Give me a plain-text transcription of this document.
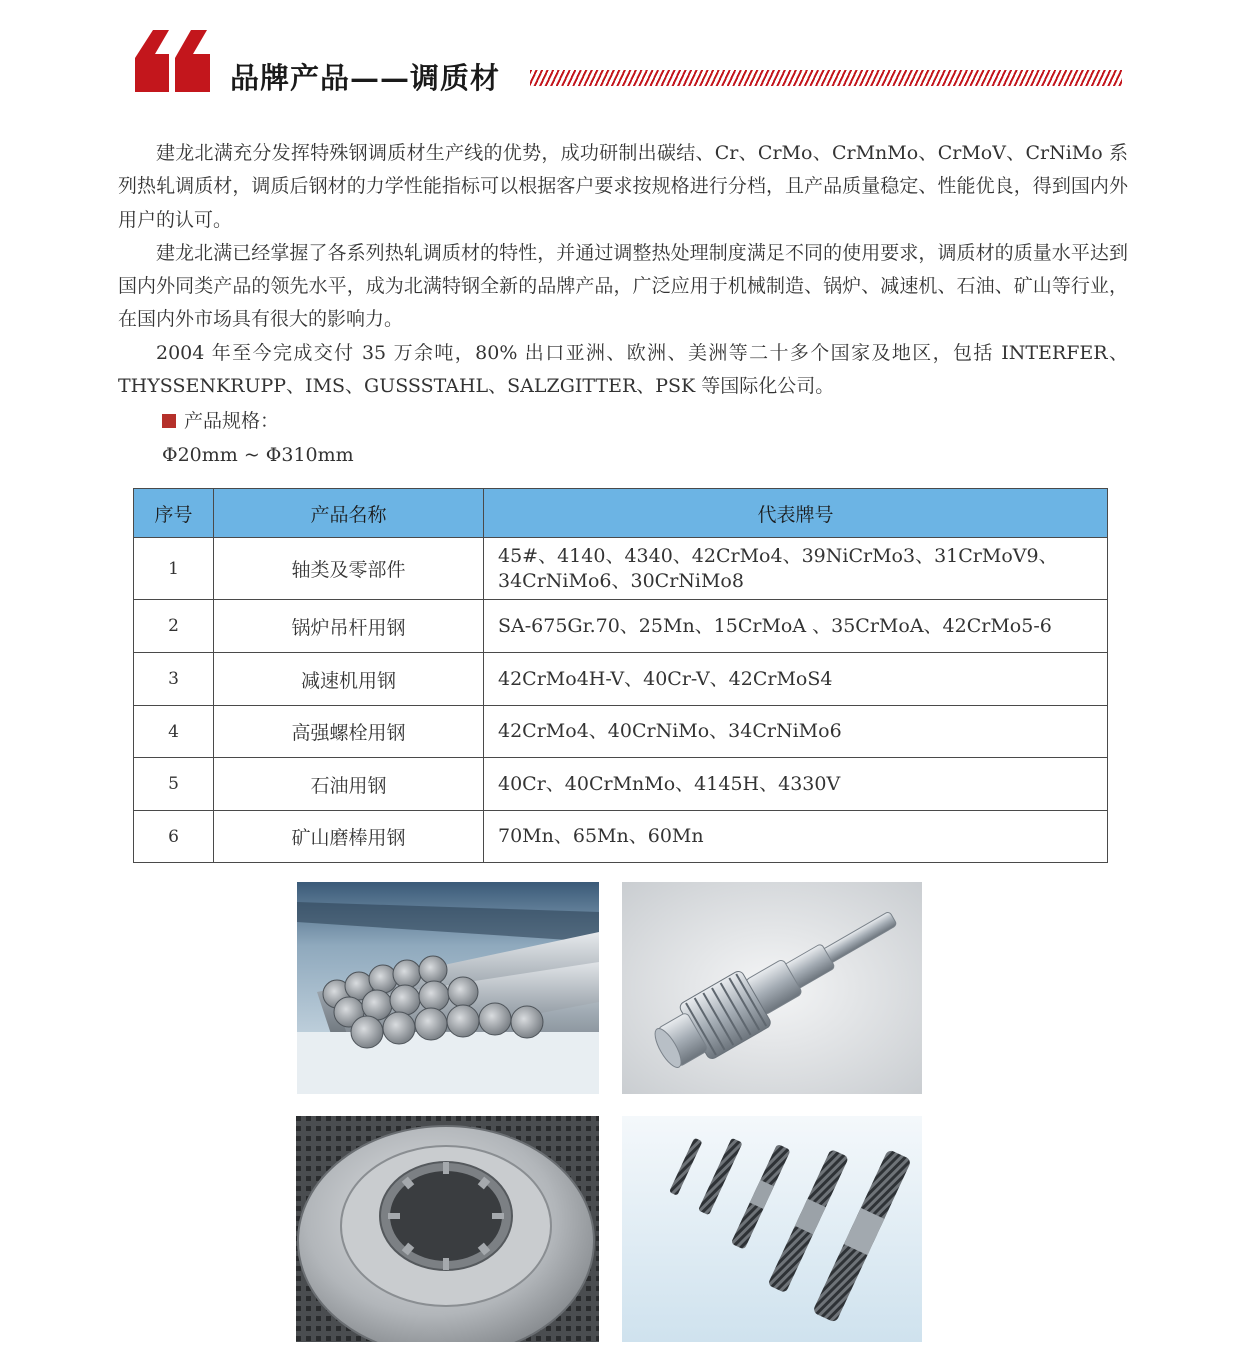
品牌产品——调质材

建龙北满充分发挥特殊钢调质材生产线的优势，成功研制出碳结、Cr、CrMo、CrMnMo、CrMoV、CrNiMo 系列热轧调质材，调质后钢材的力学性能指标可以根据客户要求按规格进行分档，且产品质量稳定、性能优良，得到国内外用户的认可。

建龙北满已经掌握了各系列热轧调质材的特性，并通过调整热处理制度满足不同的使用要求，调质材的质量水平达到国内外同类产品的领先水平，成为北满特钢全新的品牌产品，广泛应用于机械制造、锅炉、减速机、石油、矿山等行业，在国内外市场具有很大的影响力。

2004 年至今完成交付 35 万余吨，80% 出口亚洲、欧洲、美洲等二十多个国家及地区，包括 INTERFER、THYSSENKRUPP、IMS、GUSSSTAHL、SALZGITTER、PSK 等国际化公司。

产品规格：
Φ20mm ~ Φ310mm
序号	产品名称	代表牌号
1	轴类及零部件	45#、4140、4340、42CrMo4、39NiCrMo3、31CrMoV9、
34CrNiMo6、30CrNiMo8

2	锅炉吊杆用钢	SA-675Gr.70、25Mn、15CrMoA 、35CrMoA、42CrMo5-6
3	减速机用钢	42CrMo4H-V、40Cr-V、42CrMoS4
4	高强螺栓用钢	42CrMo4、40CrNiMo、34CrNiMo6
5	石油用钢	40Cr、40CrMnMo、4145H、4330V
6	矿山磨棒用钢	70Mn、65Mn、60Mn
